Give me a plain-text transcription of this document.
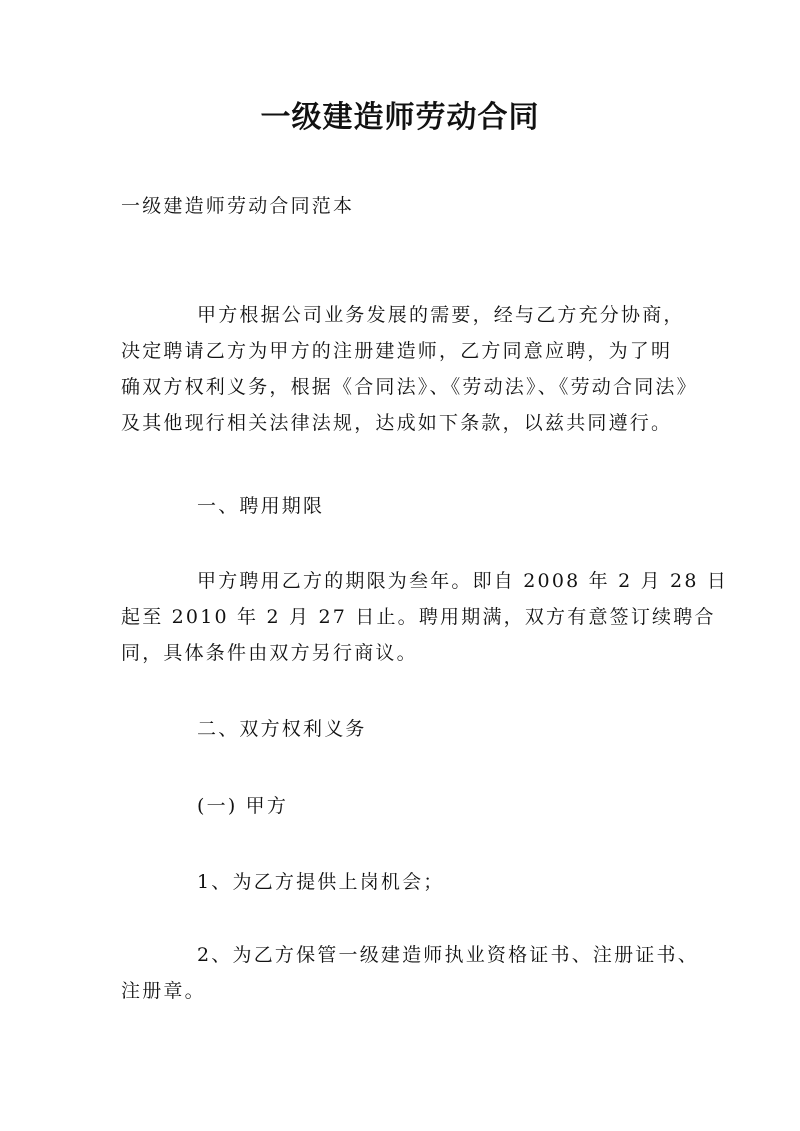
一级建造师劳动合同
一级建造师劳动合同范本
甲方根据公司业务发展的需要，经与乙方充分协商，
决定聘请乙方为甲方的注册建造师，乙方同意应聘，为了明
确双方权利义务，根据《合同法》、《劳动法》、《劳动合同法》
及其他现行相关法律法规，达成如下条款，以兹共同遵行。
一、聘用期限
甲方聘用乙方的期限为叁年。即自 2008 年 2 月 28 日
起至 2010 年 2 月 27 日止。聘用期满，双方有意签订续聘合
同，具体条件由双方另行商议。
二、双方权利义务
(一) 甲方
1、为乙方提供上岗机会；
2、为乙方保管一级建造师执业资格证书、注册证书、
注册章。
